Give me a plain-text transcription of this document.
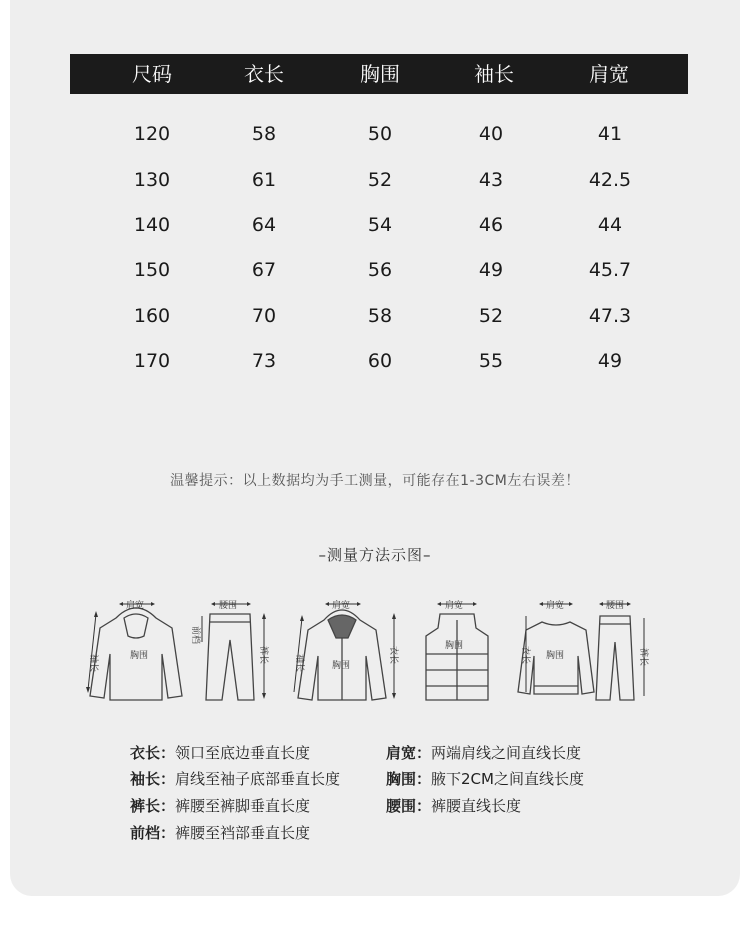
尺码	衣长	胸围	袖长	肩宽
120	58	50	40	41
130	61	52	43	42.5
140	64	54	46	44
150	67	56	49	45.7
160	70	58	52	47.3
170	73	60	55	49
温馨提示：以上数据均为手工测量，可能存在1-3CM左右误差！
–测量方法示图–
肩宽
胸围
袖长
腰围
前档
裤长
肩宽
胸围
袖长	衣长
肩宽
胸围
肩宽	腰围
胸围
衣长	裤长
衣长：领口至底边垂直长度	肩宽：两端肩线之间直线长度
袖长：肩线至袖子底部垂直长度	胸围：腋下2CM之间直线长度
裤长：裤腰至裤脚垂直长度	腰围：裤腰直线长度
前档：裤腰至裆部垂直长度
